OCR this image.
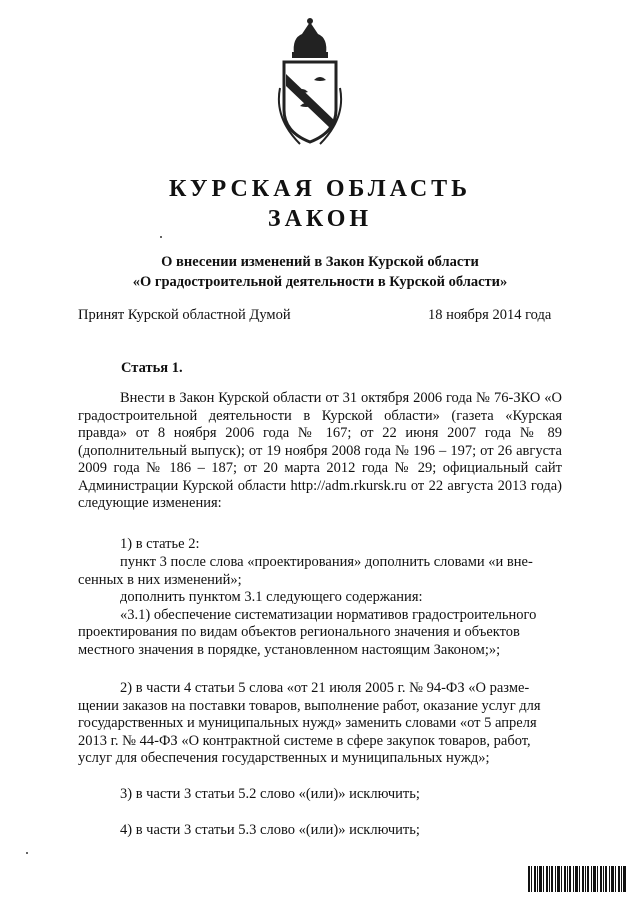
КУРСКАЯ ОБЛАСТЬ
ЗАКОН
О внесении изменений в Закон Курской области
«О градостроительной деятельности в Курской области»
Принят Курской областной Думой	18 ноября 2014 года
Статья 1.
Внести в Закон Курской области от 31 октября 2006 года № 76-ЗКО «О градостроительной деятельности в Курской области» (газета «Курская правда» от 8 ноября 2006 года № 167; от 22 июня 2007 года № 89 (дополнительный выпуск); от 19 ноября 2008 года № 196 – 197; от 26 августа 2009 года № 186 – 187; от 20 марта 2012 года № 29; официальный сайт Администрации Курской области http://adm.rkursk.ru от 22 августа 2013 года) следующие изменения:
1) в статье 2:
пункт 3 после слова «проектирования» дополнить словами «и вне-
сенных в них изменений»;
дополнить пунктом 3.1 следующего содержания:
«3.1) обеспечение систематизации нормативов градостроительного
проектирования по видам объектов регионального значения и объектов
местного значения в порядке, установленном настоящим Законом;»;
2) в части 4 статьи 5 слова «от 21 июля 2005 г. № 94-ФЗ «О разме-
щении заказов на поставки товаров, выполнение работ, оказание услуг для
государственных и муниципальных нужд» заменить словами «от 5 апреля
2013 г. № 44-ФЗ «О контрактной системе в сфере закупок товаров, работ,
услуг для обеспечения государственных и муниципальных нужд»;
3) в части 3 статьи 5.2 слово «(или)» исключить;
4) в части 3 статьи 5.3 слово «(или)» исключить;
